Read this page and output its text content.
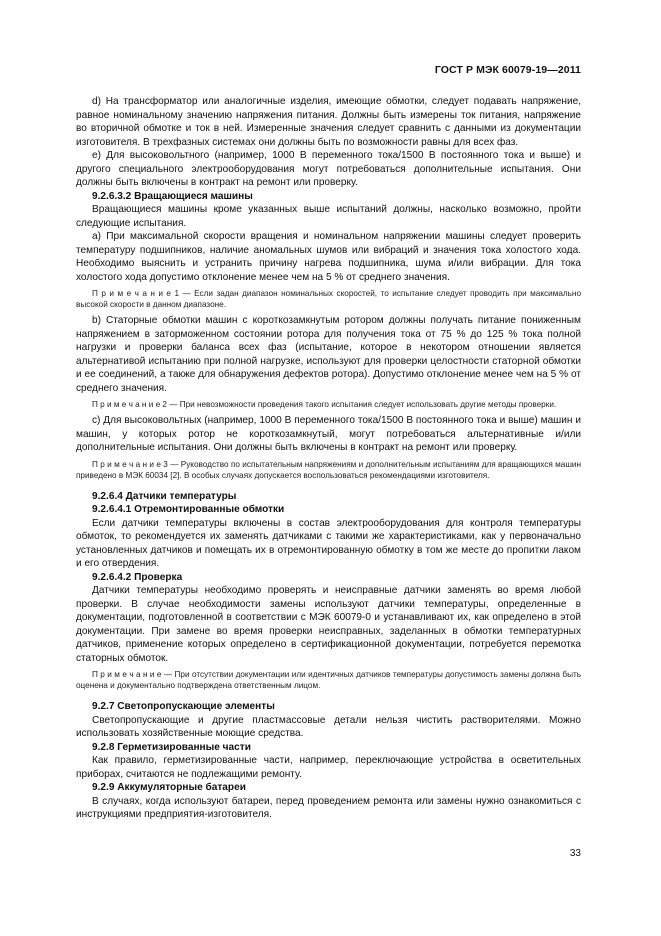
ГОСТ Р МЭК 60079-19—2011
d) На трансформатор или аналогичные изделия, имеющие обмотки, следует подавать напряжение, равное номинальному значению напряжения питания. Должны быть измерены ток питания, напряжение во вторичной обмотке и ток в ней. Измеренные значения следует сравнить с данными из документации изготовителя. В трехфазных системах они должны быть по возможности равны для всех фаз.
e) Для высоковольтного (например, 1000 В переменного тока/1500 В постоянного тока и выше) и другого специального электрооборудования могут потребоваться дополнительные испытания. Они должны быть включены в контракт на ремонт или проверку.
9.2.6.3.2 Вращающиеся машины
Вращающиеся машины кроме указанных выше испытаний должны, насколько возможно, пройти следующие испытания.
a) При максимальной скорости вращения и номинальном напряжении машины следует проверить температуру подшипников, наличие аномальных шумов или вибраций и значения тока холостого хода. Необходимо выяснить и устранить причину нагрева подшипника, шума и/или вибрации. Для тока холостого хода допустимо отклонение менее чем на 5 % от среднего значения.
П р и м е ч а н и е 1 — Если задан диапазон номинальных скоростей, то испытание следует проводить при максимально высокой скорости в данном диапазоне.
b) Статорные обмотки машин с короткозамкнутым ротором должны получать питание пониженным напряжением в заторможенном состоянии ротора для получения тока от 75 % до 125 % тока полной нагрузки и проверки баланса всех фаз (испытание, которое в некотором отношении является альтернативой испытанию при полной нагрузке, используют для проверки целостности статорной обмотки и ее соединений, а также для обнаружения дефектов ротора). Допустимо отклонение менее чем на 5 % от среднего значения.
П р и м е ч а н и е 2 — При невозможности проведения такого испытания следует использовать другие методы проверки.
c) Для высоковольтных (например, 1000 В переменного тока/1500 В постоянного тока и выше) машин и машин, у которых ротор не короткозамкнутый, могут потребоваться альтернативные и/или дополнительные испытания. Они должны быть включены в контракт на ремонт или проверку.
П р и м е ч а н и е 3 — Руководство по испытательным напряжениям и дополнительным испытаниям для вращающихся машин приведено в МЭК 60034 [2]. В особых случаях допускается воспользоваться рекомендациями изготовителя.
9.2.6.4 Датчики температуры
9.2.6.4.1 Отремонтированные обмотки
Если датчики температуры включены в состав электрооборудования для контроля температуры обмоток, то рекомендуется их заменять датчиками с такими же характеристиками, как у первоначально установленных датчиков и помещать их в отремонтированную обмотку в том же месте до пропитки лаком и его отвердения.
9.2.6.4.2 Проверка
Датчики температуры необходимо проверять и неисправные датчики заменять во время любой проверки. В случае необходимости замены используют датчики температуры, определенные в документации, подготовленной в соответствии с МЭК 60079-0 и устанавливают их, как определено в этой документации. При замене во время проверки неисправных, заделанных в обмотки температурных датчиков, применение которых определено в сертификационной документации, потребуется перемотка статорных обмоток.
П р и м е ч а н и е — При отсутствии документации или идентичных датчиков температуры допустимость замены должна быть оценена и документально подтверждена ответственным лицом.
9.2.7 Светопропускающие элементы
Светопропускающие и другие пластмассовые детали нельзя чистить растворителями. Можно использовать хозяйственные моющие средства.
9.2.8 Герметизированные части
Как правило, герметизированные части, например, переключающие устройства в осветительных приборах, считаются не подлежащими ремонту.
9.2.9 Аккумуляторные батареи
В случаях, когда используют батареи, перед проведением ремонта или замены нужно ознакомиться с инструкциями предприятия-изготовителя.
33
